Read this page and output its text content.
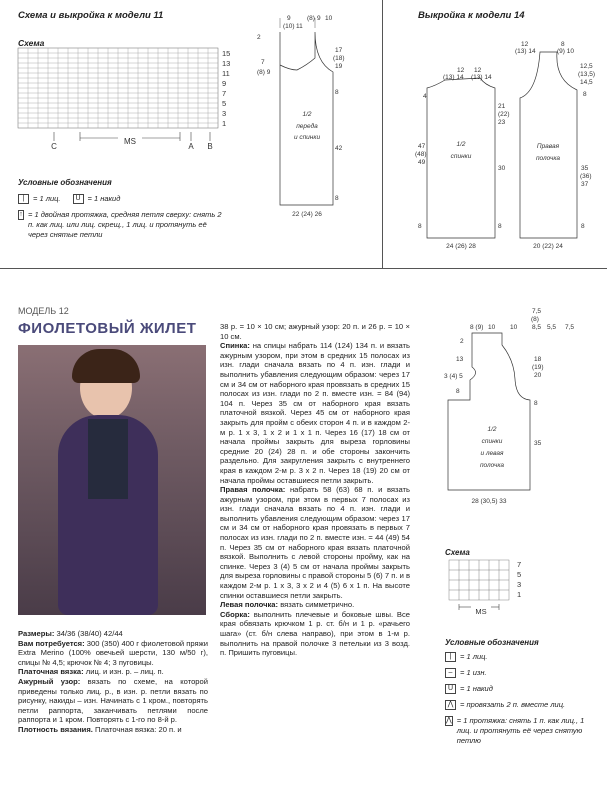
Схема и выкройка к модели 11
Схема
C
MS
A B
15
13
11
9
7
5
3
1
Условные обозначения
|	= 1 лиц.	U = 1 накид
↑ = 1 двойная протяжка, средняя петля сверху: снять 2 п. как лиц. или лиц. скрещ., 1 лиц. и протянуть её через снятые петли
9
(10) 11
(8) 9 10
2
7
(8) 9
17
(18)
19
8
42
8
1/2
переда
и спинки
22 (24) 26
Выкройка к модели 14
12
(13) 14
12
(13) 14
4
47
(48)
49
21
(22)
23
30
1/2
спинки
8	8
24 (26) 28
12
(13) 14
8
(9) 10
12,5
(13,5)
14,5
8
Правая
полочка
35
(36)
37
8
20 (22) 24
МОДЕЛЬ 12
ФИОЛЕТОВЫЙ ЖИЛЕТ

Размеры: 34/36 (38/40) 42/44

Вам потребуется: 300 (350) 400 г фиолетовой пряжи Extra Merino (100% овечьей шерсти, 130 м/50 г), спицы № 4,5; крючок № 4; 3 пуговицы.

Платочная вязка: лиц. и изн. р. – лиц. п.

Ажурный узор: вязать по схеме, на которой приведены только лиц. р., в изн. р. петли вязать по рисунку, накиды – изн. Начинать с 1 кром., повторять петли раппорта, заканчивать петлями после раппорта и 1 кром. Повторять с 1-го по 8-й р.

Плотность вязания. Платочная вязка: 20 п. и

38 р. = 10 × 10 см; ажурный узор: 20 п. и 26 р. = 10 × 10 см.

Спинка: на спицы набрать 114 (124) 134 п. и вязать ажурным узором, при этом в средних 15 полосах из изн. глади сначала вязать по 4 п. изн. глади и выполнить убавления следующим образом: через 17 см и 34 см от наборного края провязать в средних 15 полосах из изн. глади по 2 п. вместе изн. = 84 (94) 104 п. Через 35 см от наборного края вязать платочной вязкой. Через 45 см от наборного края закрыть для пройм с обеих сторон 4 п. и в каждом 2-м р. 1 х 3, 1 х 2 и 1 х 1 п. Через 16 (17) 18 см от начала проймы закрыть для выреза горловины средние 20 (24) 28 п. и обе стороны закончить раздельно. Для закругления закрыть с внутреннего края в каждом 2-м р. 3 х 2 п. Через 18 (19) 20 см от начала проймы оставшиеся петли закрыть.

Правая полочка: набрать 58 (63) 68 п. и вязать ажурным узором, при этом в первых 7 полосах из изн. глади сначала вязать по 4 п. изн. глади и выполнить убавления следующим образом: через 17 см и 34 см от наборного края провязать в первых 7 полосах из изн. глади по 2 п. вместе изн. = 44 (49) 54 п. Через 35 см от наборного края вязать платочной вязкой. Выполнить с левой стороны пройму, как на спинке. Через 3 (4) 5 см от начала проймы закрыть для выреза горловины с правой стороны 5 (6) 7 п. и в каждом 2-м р. 1 х 3, 3 х 2 и 4 (5) 6 х 1 п. На высоте спинки оставшиеся петли закрыть.

Левая полочка: вязать симметрично.

Сборка: выполнить плечевые и боковые швы. Все края обвязать крючком 1 р. ст. б/н и 1 р. «рачьего шага» (ст. б/н слева направо), при этом в 1-м р. выполнить на правой полочке 3 петельки из 3 возд. п. Пришить пуговицы.

7,5
(8)
8,5
8 (9) 10 10	5,5 7,5
2
13
3 (4) 5
8
18
(19)
20
8
35
1/2
спинки
и левая
полочка
28 (30,5) 33
Схема
7
5
3
1
MS
Условные обозначения
|	= 1 лиц.
–	= 1 изн.
U = 1 накид
⋀ = провязать 2 п. вместе лиц.
⋀ = 1 протяжка: снять 1 п. как лиц., 1 лиц. и протянуть её через снятую петлю
